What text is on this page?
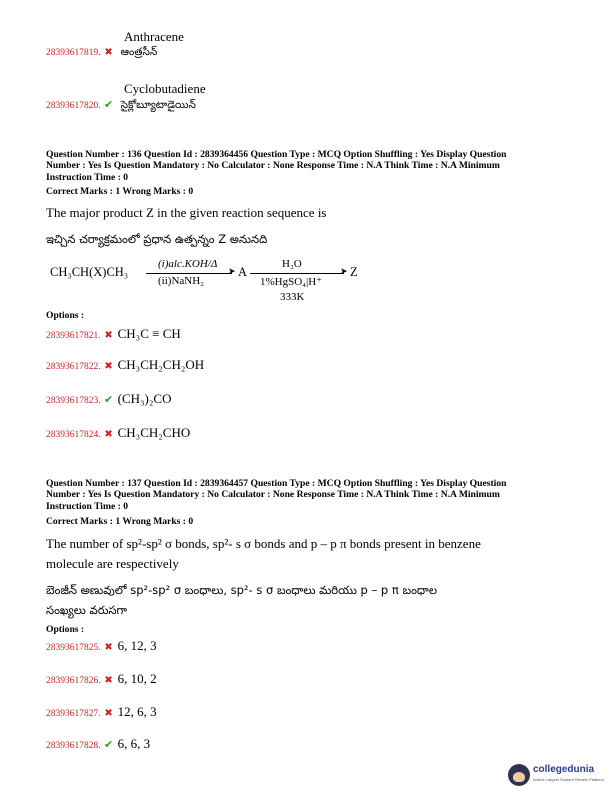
Anthracene
28393617819. ✖ ఆంత్రసీన్
Cyclobutadiene
28393617820. ✔ సైక్లోబ్యూటాడైయిన్
Question Number : 136 Question Id : 2839364456 Question Type : MCQ Option Shuffling : Yes Display Question
Number : Yes Is Question Mandatory : No Calculator : None Response Time : N.A Think Time : N.A Minimum
Instruction Time : 0
Correct Marks : 1 Wrong Marks : 0
The major product Z in the given reaction sequence is
ఇచ్చిన చర్యాక్రమంలో ప్రధాన ఉత్పన్నం Z అనునది
CH₃CH(X)CH₃
(i)alc.KOH/Δ
➤
(ii)NaNH₂
A	➤
H₂O
1%HgSO₄|H⁺
333K
Z
Options :
28393617821. ✖ CH₃C ≡ CH
28393617822. ✖ CH₃CH₂CH₂OH
28393617823. ✔ (CH₃)₂CO
28393617824. ✖ CH₃CH₂CHO
Question Number : 137 Question Id : 2839364457 Question Type : MCQ Option Shuffling : Yes Display Question
Number : Yes Is Question Mandatory : No Calculator : None Response Time : N.A Think Time : N.A Minimum
Instruction Time : 0
Correct Marks : 1 Wrong Marks : 0
The number of sp²-sp² σ bonds, sp²- s σ bonds and p – p π bonds present in benzene
molecule are respectively
బెంజీన్ అణువులో sp²-sp² σ బంధాలు, sp²- s σ బంధాలు మరియు p – p π బంధాల
సంఖ్యలు వరుసగా
Options :
28393617825. ✖ 6, 12, 3
28393617826. ✖ 6, 10, 2
28393617827. ✖ 12, 6, 3
28393617828. ✔ 6, 6, 3
collegedunia
India's Largest Student Review Platform
